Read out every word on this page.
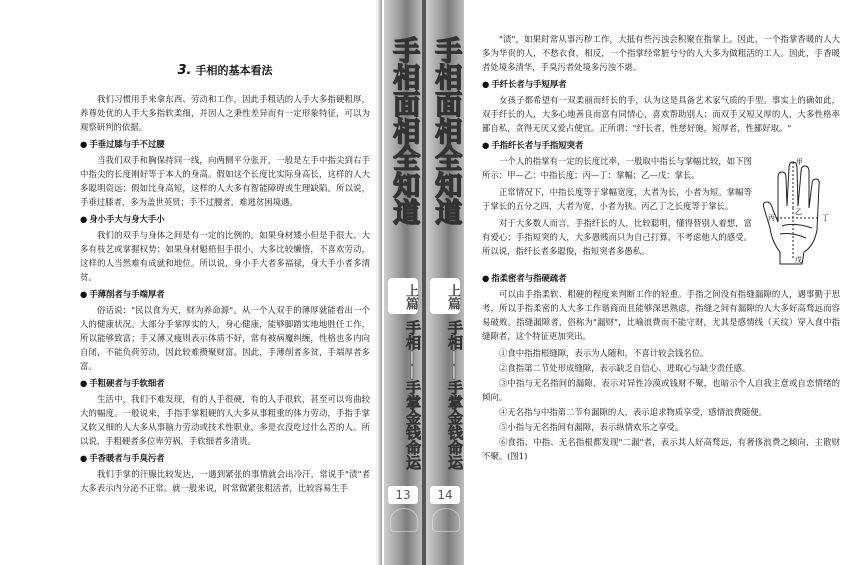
3. 手相的基本看法

我们习惯用手来拿东西、劳动和工作，因此手粗话的人手大多指硬粗厚，养尊处优的人手大多指软柔细，并因人之秉性差异而有一定形象特征，可以为观察研判的依据。

● 手垂过膝与手不过腰

当我们双手和胸保持同一线，向两侧平分张开，一般是左手中指尖到右手中指尖的长度刚好等于本人的身高。假如这个长度比实际身高长，这样的人大多聪明资远；假如比身高短，这样的人大多有智能障碍或生理缺陷。所以说，手垂过膝者，多为盖世英贤；手不过腰者，难逃贫困境遇。

● 身小手大与身大手小

我们的双手与身体之间是有一定的比例的。如果身材矮小但是手很大、大多有枝艺或掌握权势；如果身材魁梧但手很小，大多比较懒惰，不喜欢劳动，这样的人当然难有成就和地位。所以说，身小手大者多福禄，身大手小者多清贫。

● 手薄削者与手端厚者

俗话说："民以食为天，财为养命源"。从一个人双手的薄厚就能看出一个人的健康状况。大部分手掌厚实的人，身心健康，能够脚踏实地地胜任工作，所以能够致富；手又薄又瘦则表示体质不好，常有被病魔纠缠，性格也多内向自闭，不能负荷劳动，因此较难攒聚财富。因此，手薄削者多贫，手端厚者多富。

● 手粗硬者与手软细者

生活中，我们不难发现，有的人手很硬，有的人手很软，甚至可以弯曲较大的幅度。一般说来，手指手掌粗硬的人大多从事粗重的体力劳动，手指手掌又软又细的人大多从事脑力劳动或技术性职业，多是衣没吃过什么苦的人。所以说，手粗硬者多位卑劳祸，手软细者多清贵。

● 手香暖者与手臭污者

我们手掌的汗腺比较发达，一遇到紧张的事情就会出冷汗，常说手"渍"者大多表示内分泌不正常。就一般来说，时常做紧张粗活者，比较容易生手

手相面相全知道
上篇
手相——手掌金钱命运
13
手相面相全知道
上篇
手相——手掌金钱命运
14

"渍"，如果时常从事污秽工作，大抵有些污浊会积聚在指掌上。因此，一个指掌香暖的人大多为华贵的人，不愁衣食，相反，一个指掌经常脏兮兮的人大多为做粗活的工人。因此，手香暖者处境多清华，手臭污者处境多污浊不堪。

● 手纤长者与手短厚者

女孩子都希望有一双柔丽而纤长的手，认为这是具备艺术家气质的手型。事实上的确如此，双手纤长的人，大多心地善良而富有同情心，喜欢帮助别人；而双手又短又厚的人，大多性格率鄙自私，贪得无厌又爱占便宜。正所谓："纤长者，性慈好施，短厚者，性鄙好取。"

● 手指纤长者与手指短突者

一个人的指掌有一定的长度比率，一般取中指长与掌幅比较，如下图所示：甲—乙：中指长度；丙—丁：掌幅；乙—戊：掌长。

正常情况下，中指长度等于掌幅宽度，大者为长，小者为短。掌幅等于掌长的五分之四，大者为宽，小者为狭。丙乙丁之长度等于掌长。

对于大多数人而言，手指纤长的人，比较聪明，懂得替别人着想，富有爱心；手指短突的人，大多愚贱而只为自己打算，不考虑他人的感受。所以说，指纤长者多聪俊，指短突者多愚私。

甲
乙
丙	丁
戊
● 指柔密者与指硬疏者

可以由手指柔软、粗硬的程度来判断工作的轻重。手指之间没有指缝漏隙的人，遇事勤于思考，所以手指柔密的人大多工作谐商而且能够深思熟虑，指缝之间有漏隙的人大多好高骛远而容易破败。指缝漏隙者，俗称为"漏财"，比喻浪费而不能守财，尤其是感情线（天纹）穿入食中指缝隙者，这个特征更加突出。

①食中指指根缝隙，表示为人随和，不喜计较会钱名位。

②食指第二节处形成缝隙，表示缺乏自信心、进取心与缺少责任感。

③中指与无名指间的漏隙，表示对异性冷漠或钱财不聚，也暗示个人自我主意或自恋情绪的倾向。

④无名指与中指第二节有漏隙的人，表示追求物质享受，感情浪费随便。

⑤小指与无名指间有漏隙，表示纵情欢乐之享受。

⑥食指、中指、无名指根都发现"二漏"者，表示其人好高骛远，有奢侈浪费之倾向，主散财不聚。(图1)
